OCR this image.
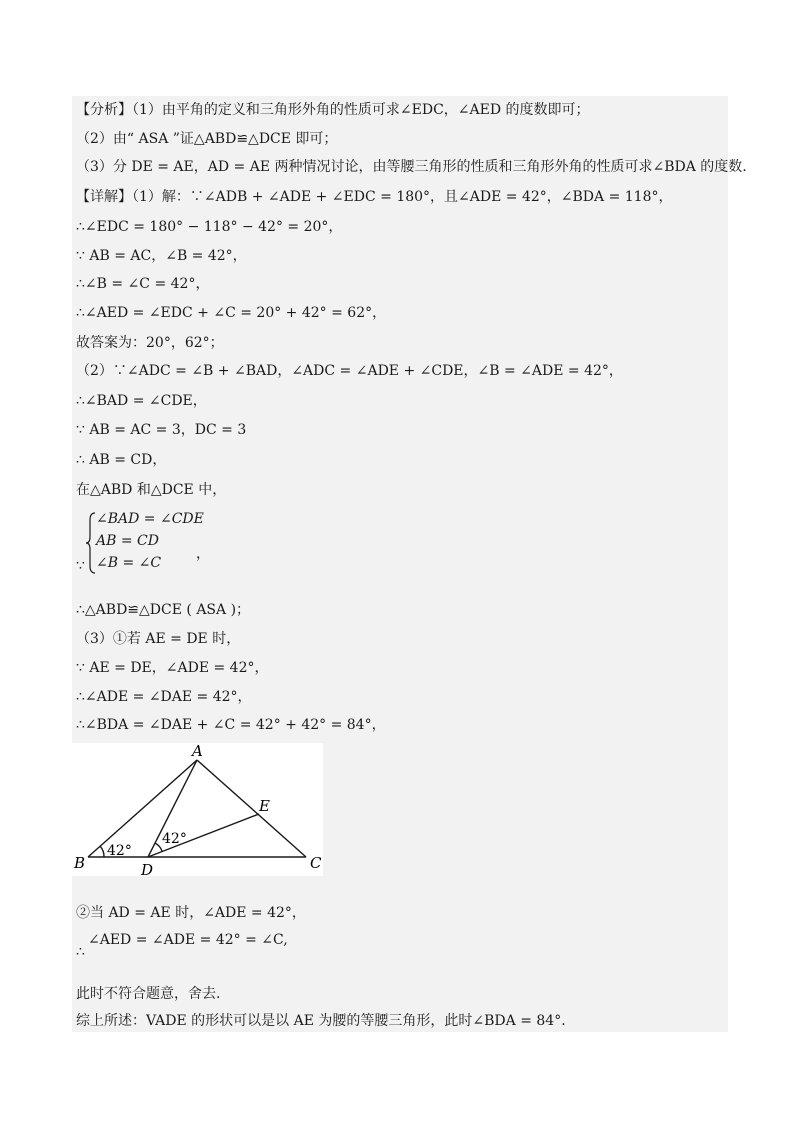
【分析】（1）由平角的定义和三角形外角的性质可求∠EDC，∠AED 的度数即可；
（2）由“ ASA ”证△ABD≌△DCE 即可；
（3）分 DE = AE，AD = AE 两种情况讨论，由等腰三角形的性质和三角形外角的性质可求∠BDA 的度数.
【详解】（1）解：∵∠ADB + ∠ADE + ∠EDC = 180°，且∠ADE = 42°，∠BDA = 118°，
∴∠EDC = 180° − 118° − 42° = 20°，
∵ AB = AC，∠B = 42°，
∴∠B = ∠C = 42°，
∴∠AED = ∠EDC + ∠C = 20° + 42° = 62°，
故答案为：20°，62°；
（2）∵∠ADC = ∠B + ∠BAD，∠ADC = ∠ADE + ∠CDE，∠B = ∠ADE = 42°，
∴∠BAD = ∠CDE，
∵ AB = AC = 3，DC = 3
∴ AB = CD，
在△ABD 和△DCE 中，
∵
∠BAD = ∠CDE
AB = CD
∠B = ∠C
，
∴△ABD≌△DCE ( ASA )；
（3）①若 AE = DE 时，
∵ AE = DE，∠ADE = 42°，
∴∠ADE = ∠DAE = 42°，
∴∠BDA = ∠DAE + ∠C = 42° + 42° = 84°，
A
B	C
D
E
42°
42°
②当 AD = AE 时，∠ADE = 42°，
∴
∠AED = ∠ADE = 42° = ∠C,
此时不符合题意，舍去.
综上所述：VADE 的形状可以是以 AE 为腰的等腰三角形，此时∠BDA = 84°.
